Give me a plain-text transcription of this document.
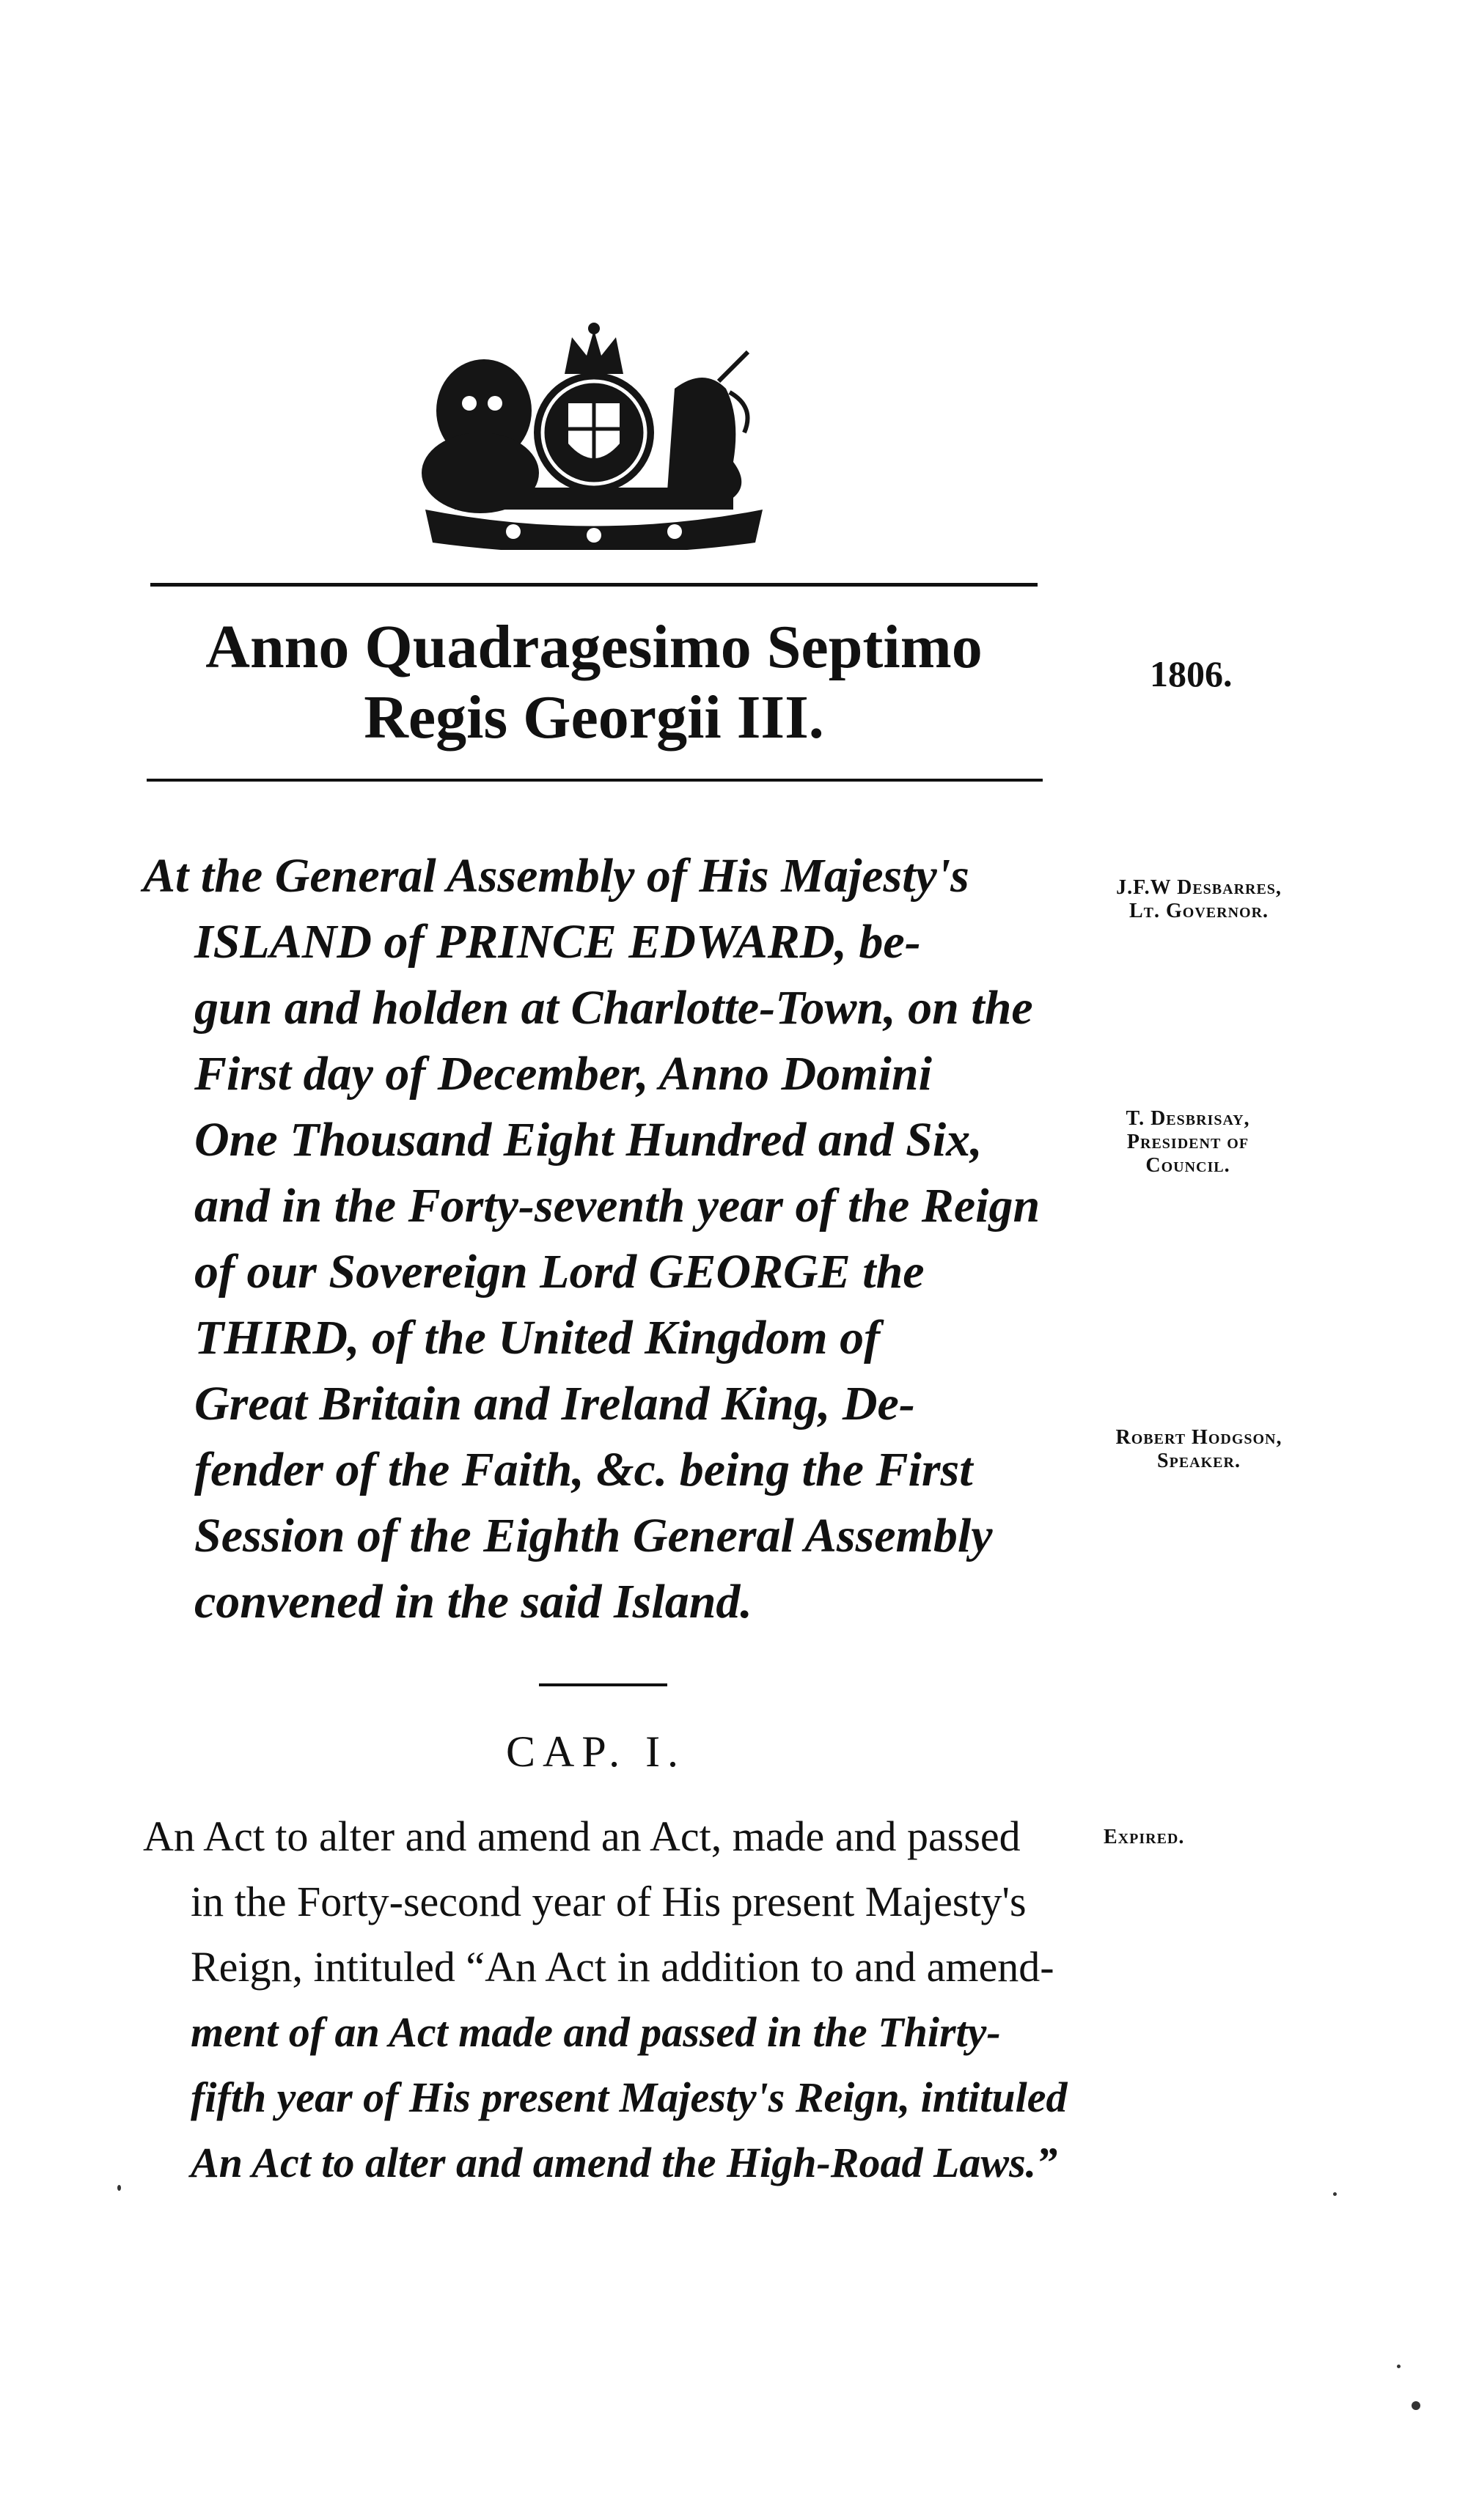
Anno Quadragesimo Septimo
Regis Georgii III.
1806.
At the General Assembly of His Majesty's
ISLAND of PRINCE EDWARD, be-
gun and holden at Charlotte-Town, on the
First day of December, Anno Domini
One Thousand Eight Hundred and Six,
and in the Forty-seventh year of the Reign
of our Sovereign Lord GEORGE the
THIRD, of the United Kingdom of
Great Britain and Ireland King, De-
fender of the Faith, &c. being the First
Session of the Eighth General Assembly
convened in the said Island.
J.F.W Desbarres,
Lt. Governor.
T. Desbrisay,
President of
Council.
Robert Hodgson,
Speaker.
CAP. I.
An Act to alter and amend an Act, made and passed
in the Forty-second year of His present Majesty's
Reign, intituled “An Act in addition to and amend-
ment of an Act made and passed in the Thirty-
fifth year of His present Majesty's Reign, intituled
An Act to alter and amend the High-Road Laws.”
Expired.
